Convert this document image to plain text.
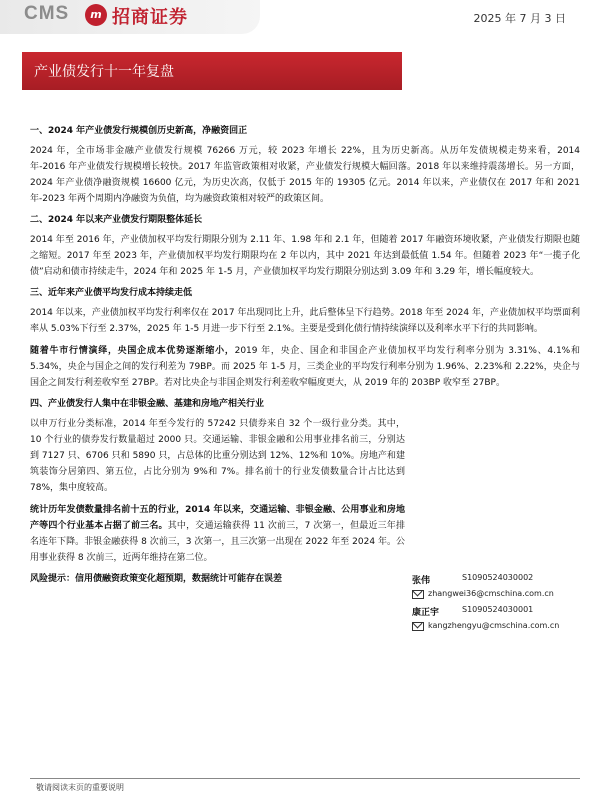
CMS	m 招商证券	2025 年 7 月 3 日
产业债发行十一年复盘

一、2024 年产业债发行规模创历史新高，净融资回正

2024 年，全市场非金融产业债发行规模 76266 万元，较 2023 年增长 22%，且为历史新高。从历年发债规模走势来看，2014 年-2016 年产业债发行规模增长较快。2017 年监管政策相对收紧，产业债发行规模大幅回落。2018 年以来维持震荡增长。另一方面，2024 年产业债净融资规模 16600 亿元，为历史次高，仅低于 2015 年的 19305 亿元。2014 年以来，产业债仅在 2017 年和 2021 年-2023 年两个周期内净融资为负值，均为融资政策相对较严的政策区间。

二、2024 年以来产业债发行期限整体延长

2014 年至 2016 年，产业债加权平均发行期限分别为 2.11 年、1.98 年和 2.1 年，但随着 2017 年融资环境收紧，产业债发行期限也随之缩短。2017 年至 2023 年，产业债加权平均发行期限均在 2 年以内，其中 2021 年达到最低值 1.54 年。但随着 2023 年“一揽子化债”启动和债市持续走牛，2024 年和 2025 年 1-5 月，产业债加权平均发行期限分别达到 3.09 年和 3.29 年，增长幅度较大。

三、近年来产业债平均发行成本持续走低

2014 年以来，产业债加权平均发行利率仅在 2017 年出现同比上升，此后整体呈下行趋势。2018 年至 2024 年，产业债加权平均票面利率从 5.03%下行至 2.37%，2025 年 1-5 月进一步下行至 2.1%。主要是受到化债行情持续演绎以及利率水平下行的共同影响。

随着牛市行情演绎，央国企成本优势逐渐缩小，2019 年，央企、国企和非国企产业债加权平均发行利率分别为 3.31%、4.1%和 5.34%，央企与国企之间的发行利差为 79BP。而 2025 年 1-5 月，三类企业的平均发行利率分别为 1.96%、2.23%和 2.22%，央企与国企之间发行利差收窄至 27BP。若对比央企与非国企则发行利差收窄幅度更大，从 2019 年的 203BP 收窄至 27BP。

四、产业债发行人集中在非银金融、基建和房地产相关行业

以申万行业分类标准，2014 年至今发行的 57242 只债券来自 32 个一级行业分类。其中，10 个行业的债券发行数量超过 2000 只。交通运输、非银金融和公用事业排名前三，分别达到 7127 只、6706 只和 5890 只，占总体的比重分别达到 12%、12%和 10%。房地产和建筑装饰分居第四、第五位，占比分别为 9%和 7%。排名前十的行业发债数量合计占比达到 78%，集中度较高。

统计历年发债数量排名前十五的行业，2014 年以来，交通运输、非银金融、公用事业和房地产等四个行业基本占据了前三名。其中，交通运输获得 11 次前三，7 次第一，但最近三年排名连年下降。非银金融获得 8 次前三，3 次第一，且三次第一出现在 2022 年至 2024 年。公用事业获得 8 次前三，近两年维持在第二位。

风险提示：信用债融资政策变化超预期，数据统计可能存在误差	张伟	S1090524030002
zhangwei36@cmschina.com.cn
康正宇	S1090524030001
kangzhengyu@cmschina.com.cn
敬请阅读末页的重要说明
